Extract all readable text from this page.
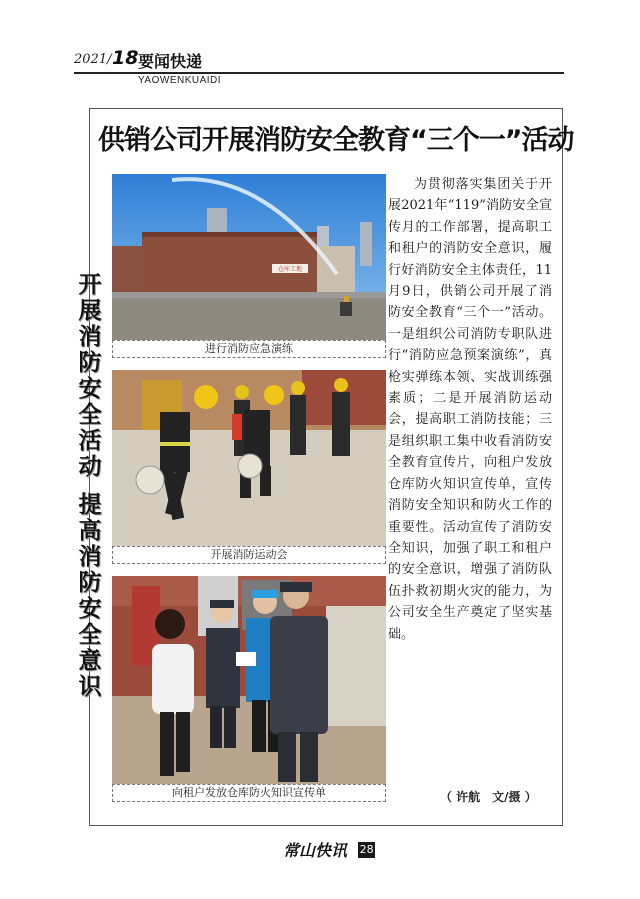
2021/ 18 要闻快递
YAOWENKUAIDI
供销公司开展消防安全教育“三个一”活动
开
展
消
防
安
全
活
动
提
高
消
防
安
全
意
识
仓库工地
进行消防应急演练
开展消防运动会
向租户发放仓库防火知识宣传单
为贯彻落实集团关于开展2021年“119”消防安全宣传月的工作部署，提高职工和租户的消防安全意识，履行好消防安全主体责任，11月9日，供销公司开展了消防安全教育“三个一”活动。一是组织公司消防专职队进行“消防应急预案演练”，真枪实弹练本领、实战训练强素质；二是开展消防运动会，提高职工消防技能；三是组织职工集中收看消防安全教育宣传片，向租户发放仓库防火知识宣传单，宣传消防安全知识和防火工作的重要性。活动宣传了消防安全知识，加强了职工和租户的安全意识，增强了消防队伍扑救初期火灾的能力，为公司安全生产奠定了坚实基础。
（ 许航　文/摄 ）
常山快讯 28
